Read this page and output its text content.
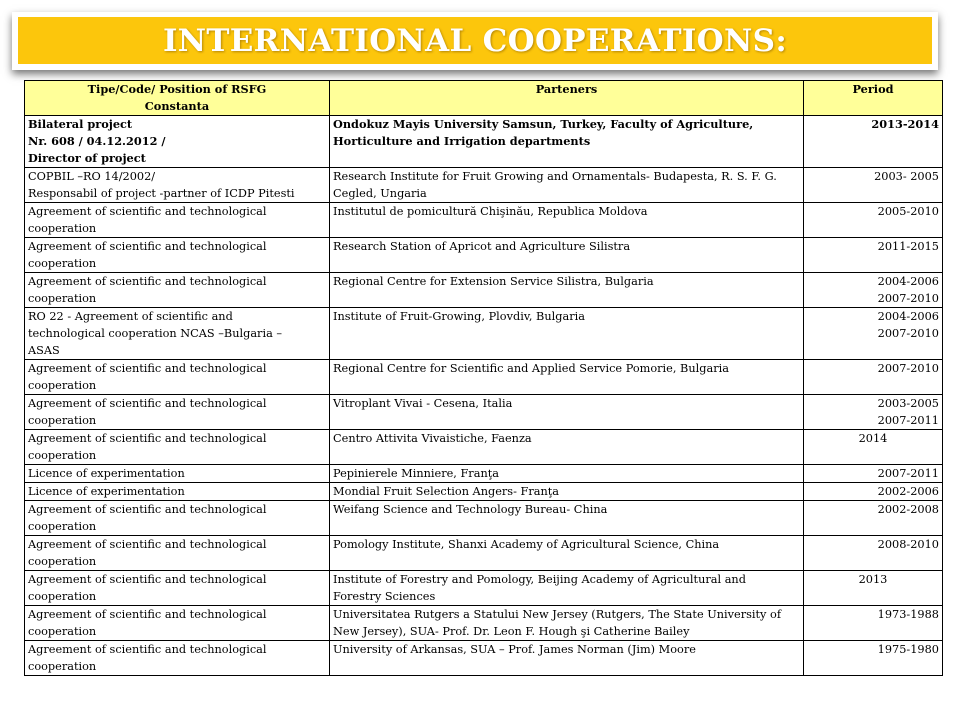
INTERNATIONAL COOPERATIONS:
Tipe/Code/ Position of RSFG
Constanta	Parteners	Period

Bilateral project
Nr. 608 / 04.12.2012 /
Director of project	Ondokuz Mayis University Samsun, Turkey, Faculty of Agriculture,
Horticulture and Irrigation departments	2013-2014

COPBIL –RO 14/2002/
Responsabil of project -partner of ICDP Pitesti	Research Institute for Fruit Growing and Ornamentals- Budapesta, R. S. F. G.
Cegled, Ungaria	2003- 2005

Agreement of scientific and technological
cooperation	Institutul de pomicultură Chişinău, Republica Moldova	2005-2010

Agreement of scientific and technological
cooperation	Research Station of Apricot and Agriculture Silistra	2011-2015

Agreement of scientific and technological
cooperation	Regional Centre for Extension Service Silistra, Bulgaria	2004-2006
2007-2010

RO 22 - Agreement of scientific and
technological cooperation NCAS –Bulgaria –
ASAS	Institute of Fruit-Growing, Plovdiv, Bulgaria	2004-2006
2007-2010

Agreement of scientific and technological
cooperation	Regional Centre for Scientific and Applied Service Pomorie, Bulgaria	2007-2010

Agreement of scientific and technological
cooperation	Vitroplant Vivai - Cesena, Italia	2003-2005
2007-2011

Agreement of scientific and technological
cooperation	Centro Attivita Vivaistiche, Faenza	2014

Licence of experimentation	Pepinierele Minniere, Franţa	2007-2011

Licence of experimentation	Mondial Fruit Selection Angers- Franţa	2002-2006

Agreement of scientific and technological
cooperation	Weifang Science and Technology Bureau- China	2002-2008

Agreement of scientific and technological
cooperation	Pomology Institute, Shanxi Academy of Agricultural Science, China	2008-2010

Agreement of scientific and technological
cooperation	Institute of Forestry and Pomology, Beijing Academy of Agricultural and
Forestry Sciences	2013

Agreement of scientific and technological
cooperation	Universitatea Rutgers a Statului New Jersey (Rutgers, The State University of
New Jersey), SUA- Prof. Dr. Leon F. Hough şi Catherine Bailey	1973-1988

Agreement of scientific and technological
cooperation	University of Arkansas, SUA – Prof. James Norman (Jim) Moore	1975-1980
